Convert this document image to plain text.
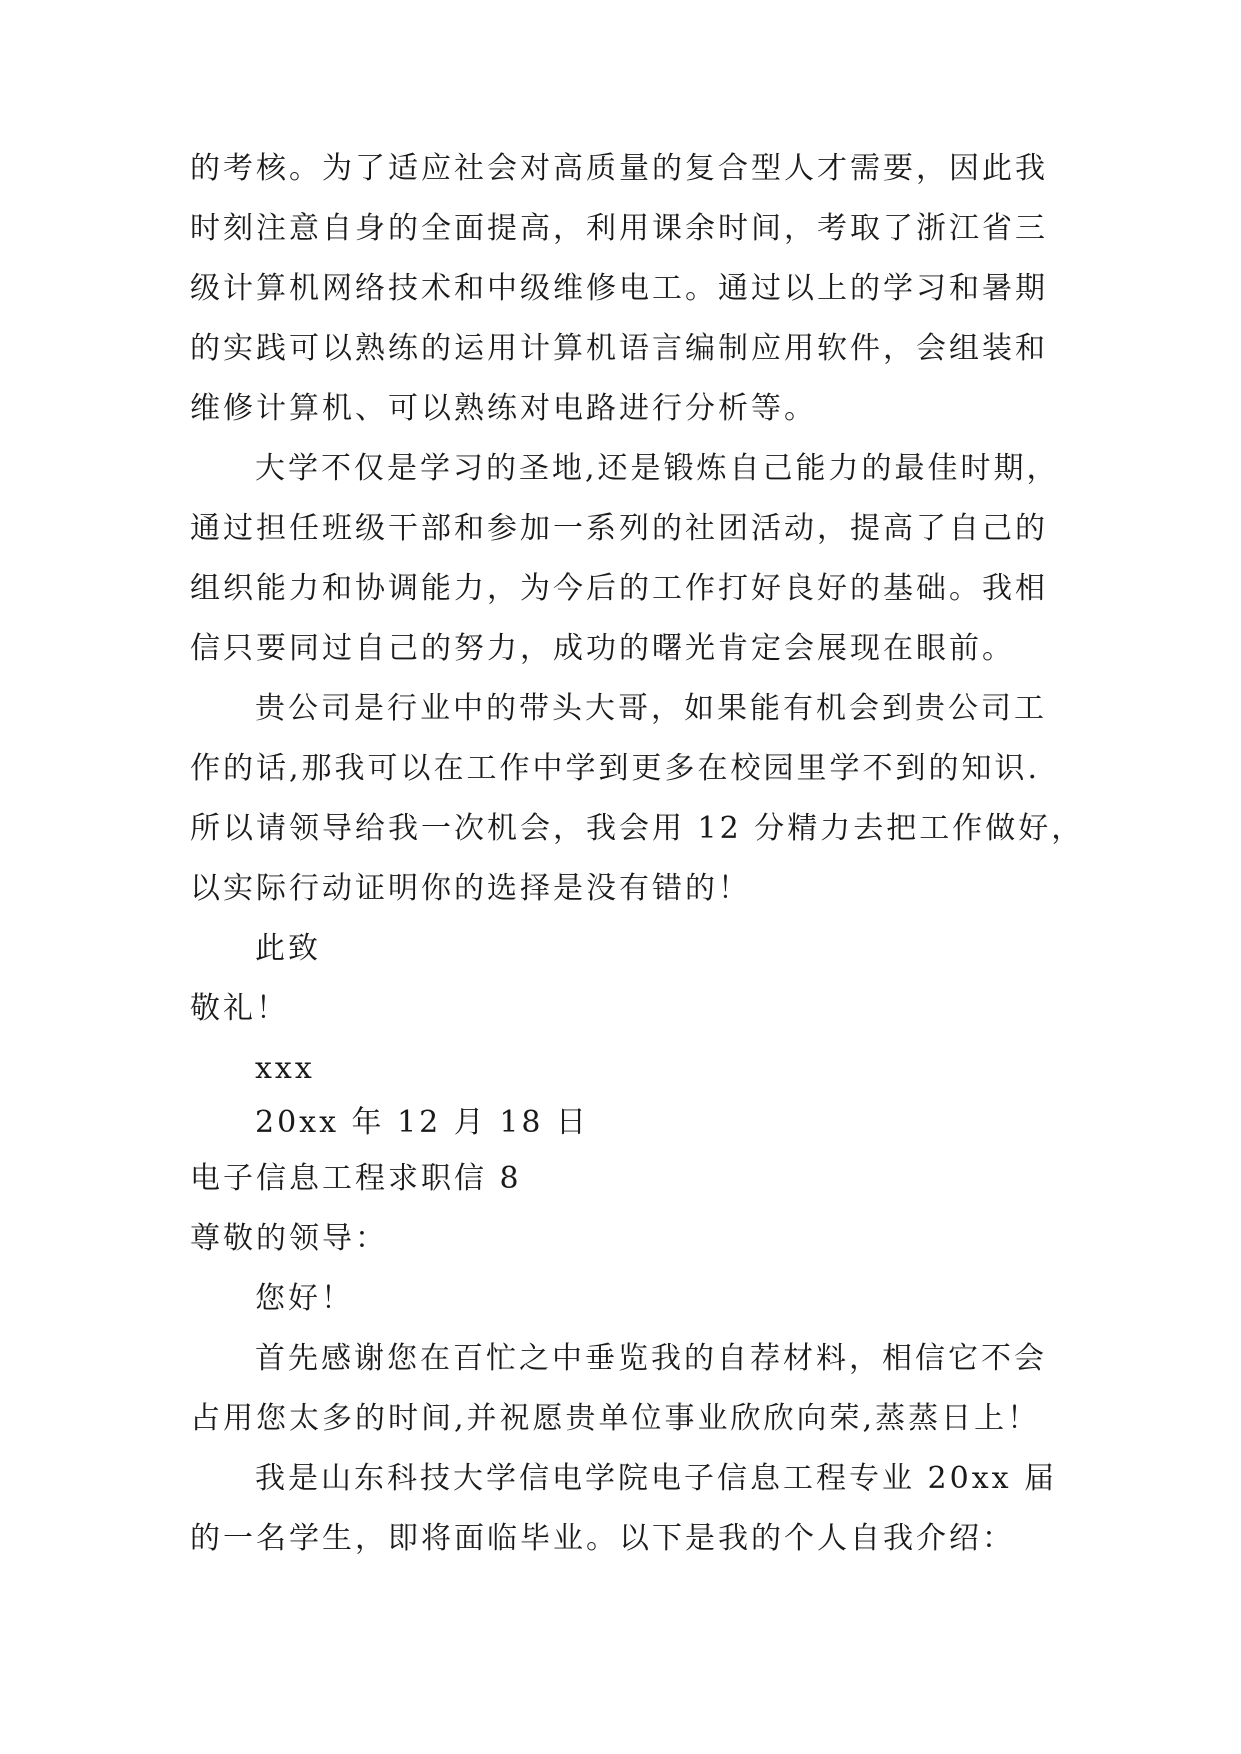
的考核。为了适应社会对高质量的复合型人才需要，因此我
时刻注意自身的全面提高，利用课余时间，考取了浙江省三
级计算机网络技术和中级维修电工。通过以上的学习和暑期
的实践可以熟练的运用计算机语言编制应用软件，会组装和
维修计算机、可以熟练对电路进行分析等。
大学不仅是学习的圣地,还是锻炼自己能力的最佳时期，
通过担任班级干部和参加一系列的社团活动，提高了自己的
组织能力和协调能力，为今后的工作打好良好的基础。我相
信只要同过自己的努力，成功的曙光肯定会展现在眼前。
贵公司是行业中的带头大哥，如果能有机会到贵公司工
作的话,那我可以在工作中学到更多在校园里学不到的知识.
所以请领导给我一次机会，我会用 12 分精力去把工作做好，
以实际行动证明你的选择是没有错的！
此致
敬礼！
xxx
20xx 年 12 月 18 日
电子信息工程求职信 8
尊敬的领导：
您好！
首先感谢您在百忙之中垂览我的自荐材料，相信它不会
占用您太多的时间,并祝愿贵单位事业欣欣向荣,蒸蒸日上！
我是山东科技大学信电学院电子信息工程专业 20xx 届
的一名学生，即将面临毕业。以下是我的个人自我介绍：
